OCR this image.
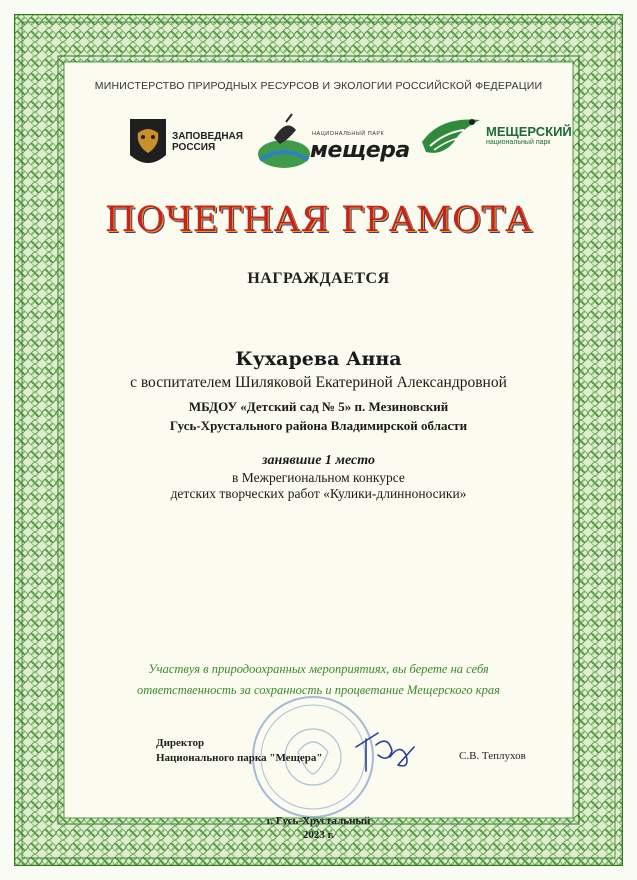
МИНИСТЕРСТВО ПРИРОДНЫХ РЕСУРСОВ И ЭКОЛОГИИ РОССИЙСКОЙ ФЕДЕРАЦИИ
ЗАПОВЕДНАЯ
РОССИЯ
НАЦИОНАЛЬНЫЙ ПАРК
мещера
МЕЩЕРСКИЙ
национальный парк
ПОЧЕТНАЯ ГРАМОТА
НАГРАЖДАЕТСЯ
Кухарева Анна
с воспитателем Шиляковой Екатериной Александровной
МБДОУ «Детский сад № 5» п. Мезиновский
Гусь-Хрустального района Владимирской области
занявшие 1 место
в Межрегиональном конкурсе
детских творческих работ «Кулики-длинноносики»
Участвуя в природоохранных мероприятиях, вы берете на себя
ответственность за сохранность и процветание Мещерского края
Директор
Национального парка "Мещера"	С.В. Теплухов
г. Гусь-Хрустальный
2023 г.
